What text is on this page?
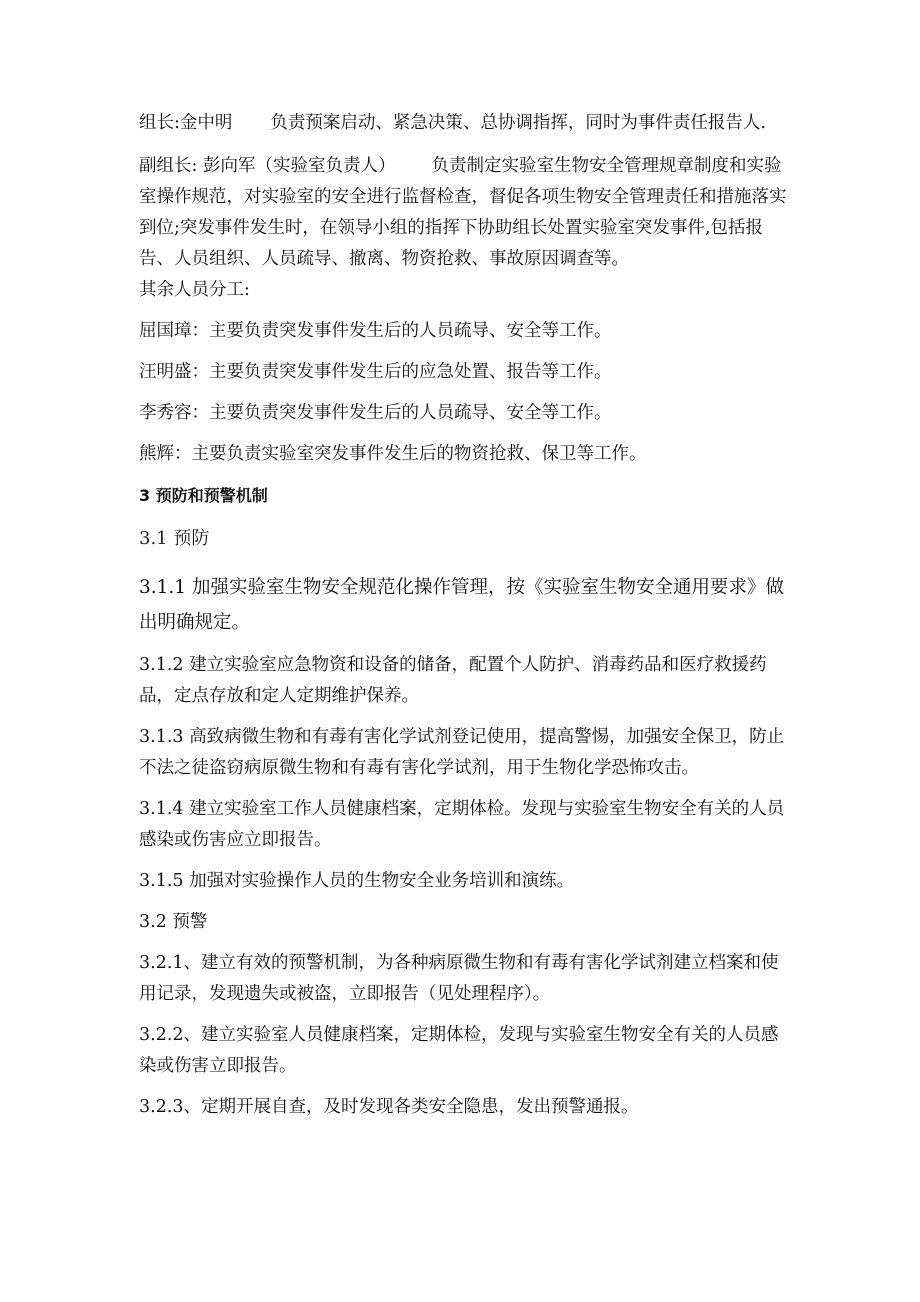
组长:金中明 负责预案启动、紧急决策、总协调指挥，同时为事件责任报告人.

副组长: 彭向军（实验室负责人） 负责制定实验室生物安全管理规章制度和实验室操作规范，对实验室的安全进行监督检查，督促各项生物安全管理责任和措施落实到位;突发事件发生时，在领导小组的指挥下协助组长处置实验室突发事件,包括报告、人员组织、人员疏导、撤离、物资抢救、事故原因调查等。

其余人员分工:

屈国璋：主要负责突发事件发生后的人员疏导、安全等工作。

汪明盛：主要负责突发事件发生后的应急处置、报告等工作。

李秀容：主要负责突发事件发生后的人员疏导、安全等工作。

熊辉：主要负责实验室突发事件发生后的物资抢救、保卫等工作。

3 预防和预警机制

3.1 预防

3.1.1 加强实验室生物安全规范化操作管理，按《实验室生物安全通用要求》做出明确规定。

3.1.2 建立实验室应急物资和设备的储备，配置个人防护、消毒药品和医疗救援药品，定点存放和定人定期维护保养。

3.1.3 高致病微生物和有毒有害化学试剂登记使用，提高警惕，加强安全保卫，防止不法之徒盗窃病原微生物和有毒有害化学试剂，用于生物化学恐怖攻击。

3.1.4 建立实验室工作人员健康档案，定期体检。发现与实验室生物安全有关的人员感染或伤害应立即报告。

3.1.5 加强对实验操作人员的生物安全业务培训和演练。

3.2 预警

3.2.1、建立有效的预警机制，为各种病原微生物和有毒有害化学试剂建立档案和使用记录，发现遗失或被盗，立即报告（见处理程序）。

3.2.2、建立实验室人员健康档案，定期体检，发现与实验室生物安全有关的人员感染或伤害立即报告。

3.2.3、定期开展自查，及时发现各类安全隐患，发出预警通报。
